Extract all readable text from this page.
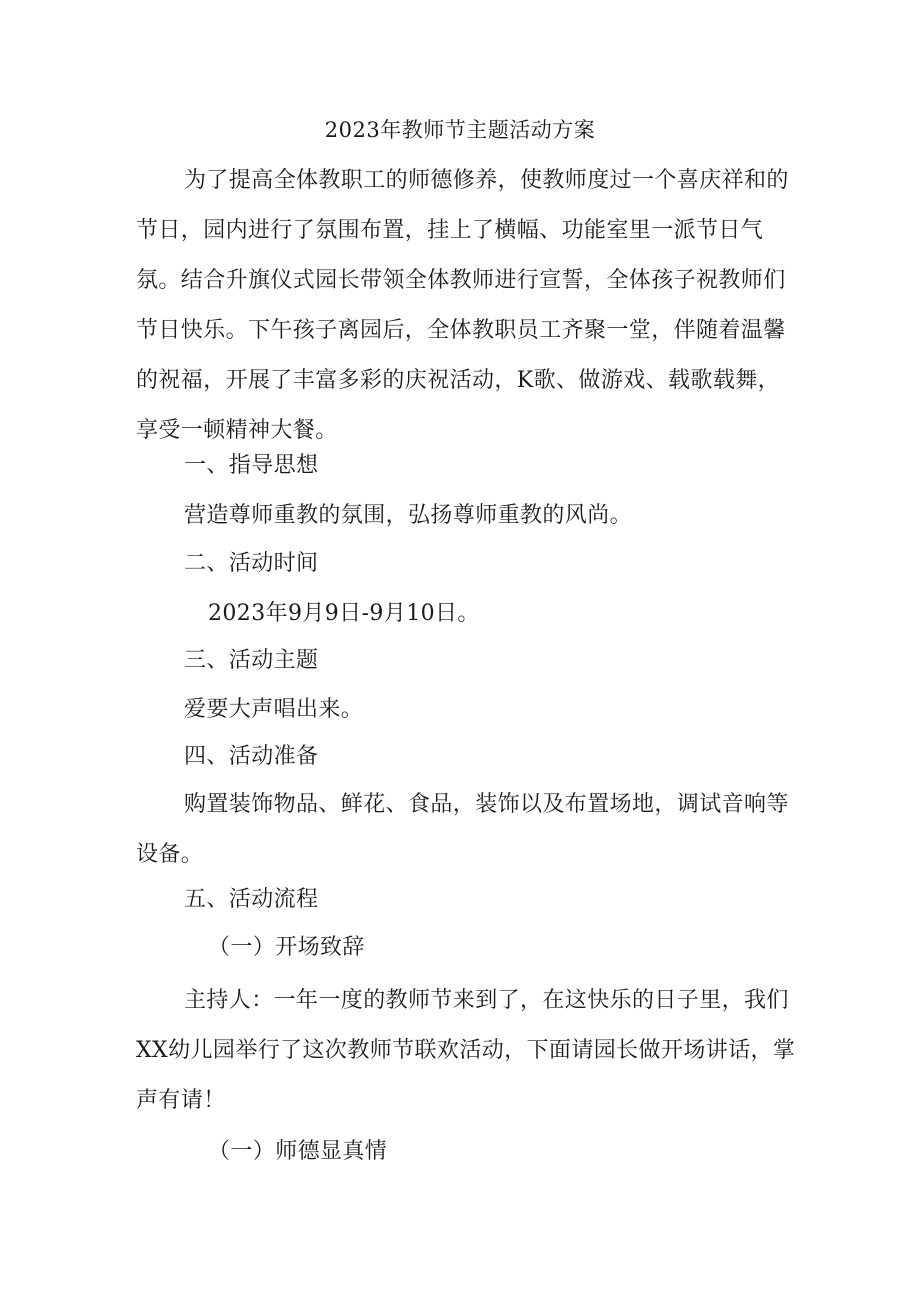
2023年教师节主题活动方案

为了提高全体教职工的师德修养，使教师度过一个喜庆祥和的节日，园内进行了氛围布置，挂上了横幅、功能室里一派节日气氛。结合升旗仪式园长带领全体教师进行宣誓，全体孩子祝教师们节日快乐。下午孩子离园后，全体教职员工齐聚一堂，伴随着温馨的祝福，开展了丰富多彩的庆祝活动，K歌、做游戏、载歌载舞，享受一顿精神大餐。

一、指导思想
营造尊师重教的氛围，弘扬尊师重教的风尚。
二、活动时间
2023年9月9日-9月10日。
三、活动主题
爱要大声唱出来。
四、活动准备

购置装饰物品、鲜花、食品，装饰以及布置场地，调试音响等设备。

五、活动流程
（一）开场致辞

主持人：一年一度的教师节来到了，在这快乐的日子里，我们XX幼儿园举行了这次教师节联欢活动，下面请园长做开场讲话，掌声有请！

（一）师德显真情
